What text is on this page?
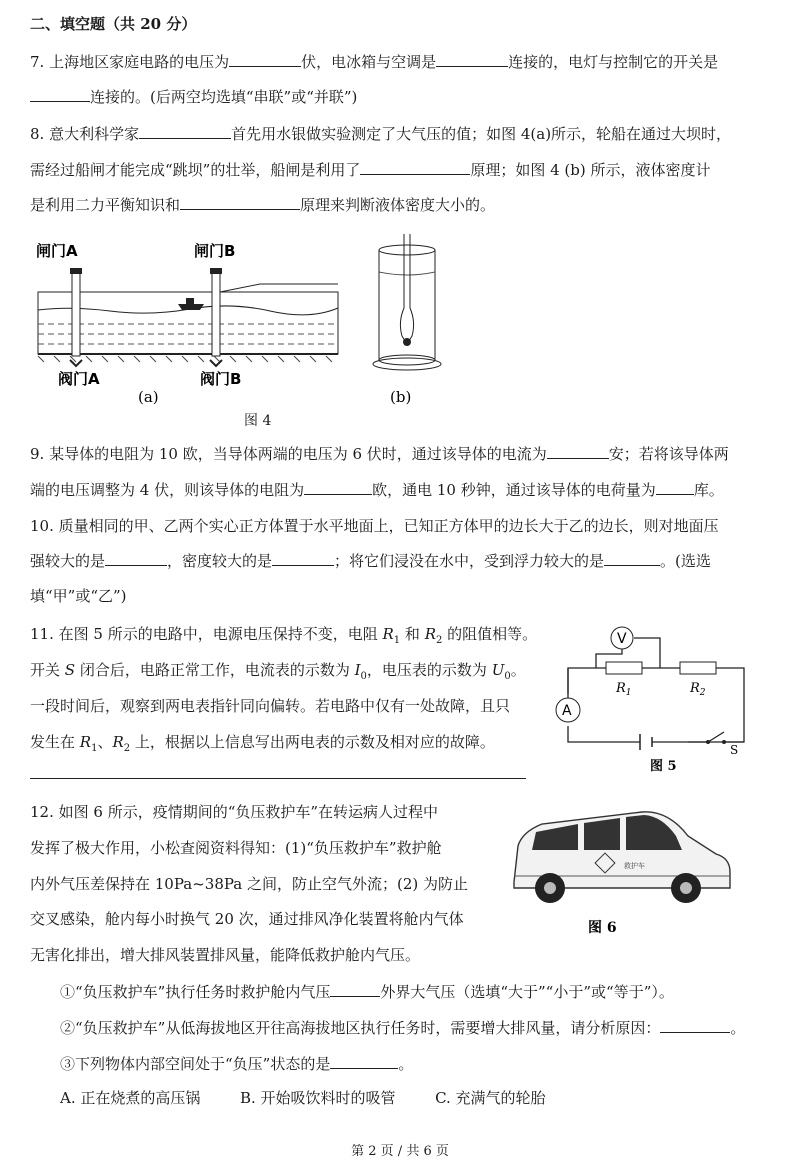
二、填空题（共 20 分）
7. 上海地区家庭电路的电压为	伏，电冰箱与空调是	连接的，电灯与控制它的开关是
连接的。(后两空均选填“串联”或“并联”)
8. 意大利科学家	首先用水银做实验测定了大气压的值；如图 4(a)所示，轮船在通过大坝时，
需经过船闸才能完成“跳坝”的壮举，船闸是利用了	原理；如图 4 (b) 所示，液体密度计
是利用二力平衡知识和	原理来判断液体密度大小的。
闸门A	闸门B
阀门A	阀门B
(a)	(b)
图 4
9. 某导体的电阻为 10 欧，当导体两端的电压为 6 伏时，通过该导体的电流为	安；若将该导体两
端的电压调整为 4 伏，则该导体的电阻为	欧，通电 10 秒钟，通过该导体的电荷量为	库。
10. 质量相同的甲、乙两个实心正方体置于水平地面上，已知正方体甲的边长大于乙的边长，则对地面压
强较大的是	，密度较大的是	；将它们浸没在水中，受到浮力较大的是	。(选选
填“甲”或“乙”)
11. 在图 5 所示的电路中，电源电压保持不变，电阻 $R_1$ 和 $R_2$ 的阻值相等。
开关 S 闭合后，电路正常工作，电流表的示数为 $I_0$，电压表的示数为 $U_0$。
一段时间后，观察到两电表指针同向偏转。若电路中仅有一处故障，且只
发生在 $R_1$、$R_2$ 上，根据以上信息写出两电表的示数及相对应的故障。
V
$R_1$	$R_2$
A
S
图 5
12. 如图 6 所示，疫情期间的“负压救护车”在转运病人过程中
发挥了极大作用，小松查阅资料得知：(1)“负压救护车”救护舱
内外气压差保持在 10Pa~38Pa 之间，防止空气外流；(2) 为防止
交叉感染，舱内每小时换气 20 次，通过排风净化装置将舱内气体
无害化排出，增大排风装置排风量，能降低救护舱内气压。
救护车
图 6
①“负压救护车”执行任务时救护舱内气压	外界大气压（选填“大于”“小于”或“等于”）。
②“负压救护车”从低海拔地区开往高海拔地区执行任务时，需要增大排风量，请分析原因：	。
③下列物体内部空间处于“负压”状态的是	。
A. 正在烧煮的高压锅	B. 开始吸饮料时的吸管	C. 充满气的轮胎
第 2 页 / 共 6 页
